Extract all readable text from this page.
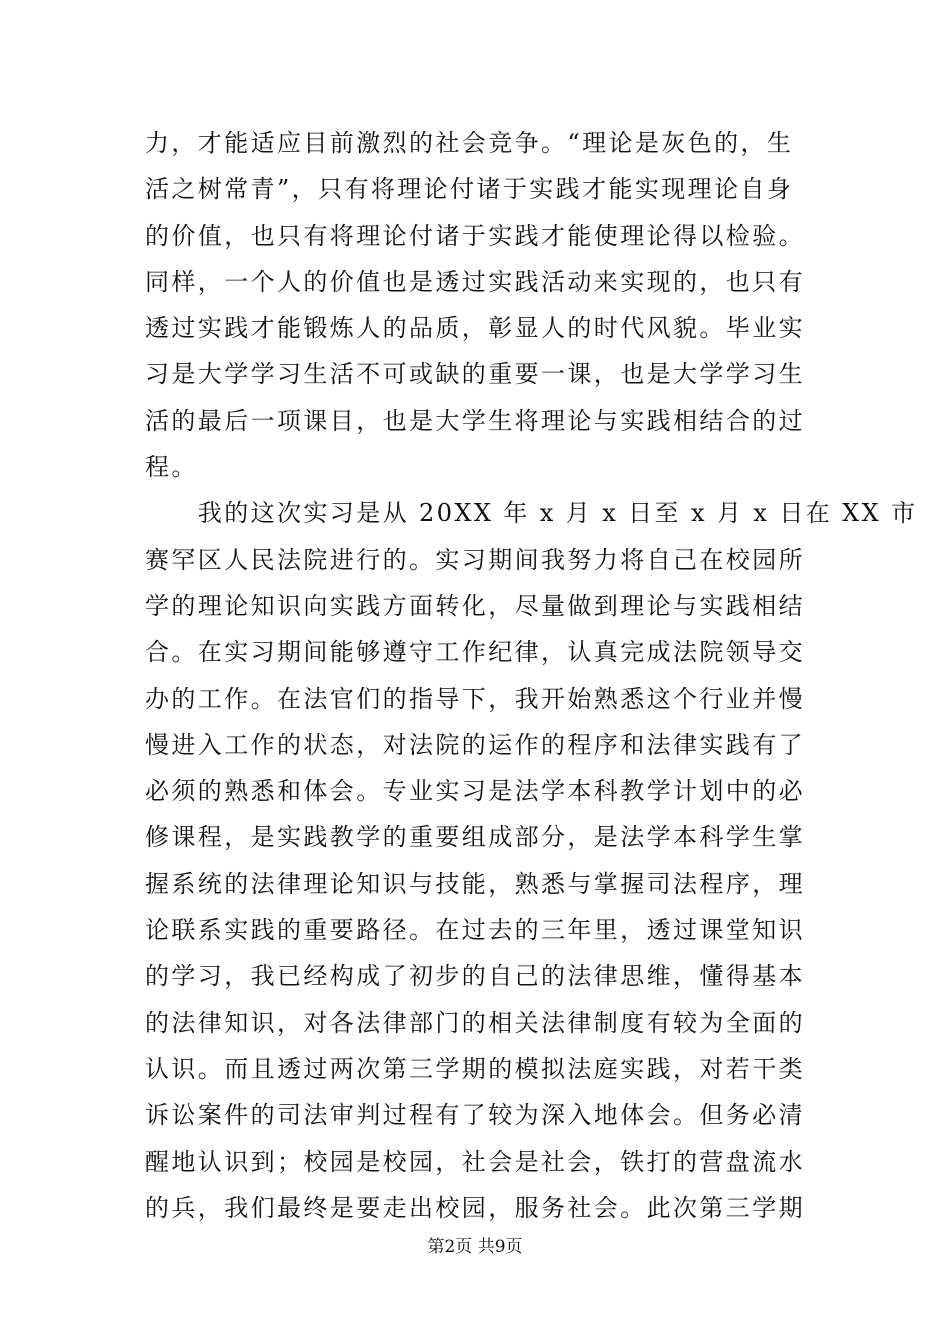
力，才能适应目前激烈的社会竞争。“理论是灰色的，生
活之树常青”，只有将理论付诸于实践才能实现理论自身
的价值，也只有将理论付诸于实践才能使理论得以检验。
同样，一个人的价值也是透过实践活动来实现的，也只有
透过实践才能锻炼人的品质，彰显人的时代风貌。毕业实
习是大学学习生活不可或缺的重要一课，也是大学学习生
活的最后一项课目，也是大学生将理论与实践相结合的过
程。
　　我的这次实习是从 20XX 年 x 月 x 日至 x 月 x 日在 XX 市
赛罕区人民法院进行的。实习期间我努力将自己在校园所
学的理论知识向实践方面转化，尽量做到理论与实践相结
合。在实习期间能够遵守工作纪律，认真完成法院领导交
办的工作。在法官们的指导下，我开始熟悉这个行业并慢
慢进入工作的状态，对法院的运作的程序和法律实践有了
必须的熟悉和体会。专业实习是法学本科教学计划中的必
修课程，是实践教学的重要组成部分，是法学本科学生掌
握系统的法律理论知识与技能，熟悉与掌握司法程序，理
论联系实践的重要路径。在过去的三年里，透过课堂知识
的学习，我已经构成了初步的自己的法律思维，懂得基本
的法律知识，对各法律部门的相关法律制度有较为全面的
认识。而且透过两次第三学期的模拟法庭实践，对若干类
诉讼案件的司法审判过程有了较为深入地体会。但务必清
醒地认识到；校园是校园，社会是社会，铁打的营盘流水
的兵，我们最终是要走出校园，服务社会。此次第三学期
第2页 共9页
